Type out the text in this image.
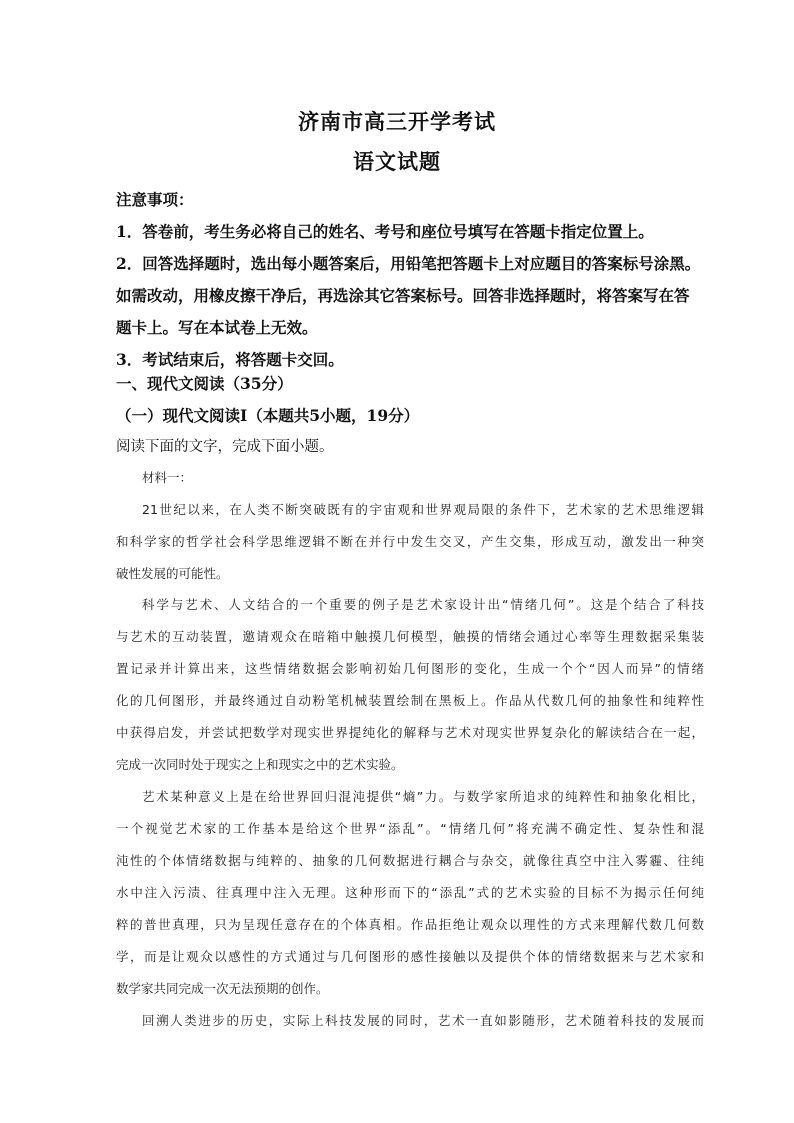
济南市高三开学考试
语文试题
注意事项：
1．答卷前，考生务必将自己的姓名、考号和座位号填写在答题卡指定位置上。
2．回答选择题时，选出每小题答案后，用铅笔把答题卡上对应题目的答案标号涂黑。
如需改动，用橡皮擦干净后，再选涂其它答案标号。回答非选择题时，将答案写在答
题卡上。写在本试卷上无效。
3．考试结束后，将答题卡交回。
一、现代文阅读（35分）
（一）现代文阅读Ⅰ（本题共5小题，19分）
阅读下面的文字，完成下面小题。
材料一：
21世纪以来，在人类不断突破既有的宇宙观和世界观局限的条件下，艺术家的艺术思维逻辑
和科学家的哲学社会科学思维逻辑不断在并行中发生交叉，产生交集，形成互动，激发出一种突
破性发展的可能性。
科学与艺术、人文结合的一个重要的例子是艺术家设计出“情绪几何”。这是个结合了科技
与艺术的互动装置，邀请观众在暗箱中触摸几何模型，触摸的情绪会通过心率等生理数据采集装
置记录并计算出来，这些情绪数据会影响初始几何图形的变化，生成一个个“因人而异”的情绪
化的几何图形，并最终通过自动粉笔机械装置绘制在黑板上。作品从代数几何的抽象性和纯粹性
中获得启发，并尝试把数学对现实世界提纯化的解释与艺术对现实世界复杂化的解读结合在一起，
完成一次同时处于现实之上和现实之中的艺术实验。
艺术某种意义上是在给世界回归混沌提供“熵”力。与数学家所追求的纯粹性和抽象化相比，
一个视觉艺术家的工作基本是给这个世界“添乱”。“情绪几何”将充满不确定性、复杂性和混
沌性的个体情绪数据与纯粹的、抽象的几何数据进行耦合与杂交，就像往真空中注入雾霾、往纯
水中注入污渍、往真理中注入无理。这种形而下的“添乱”式的艺术实验的目标不为揭示任何纯
粹的普世真理，只为呈现任意存在的个体真相。作品拒绝让观众以理性的方式来理解代数几何数
学，而是让观众以感性的方式通过与几何图形的感性接触以及提供个体的情绪数据来与艺术家和
数学家共同完成一次无法预期的创作。
回溯人类进步的历史，实际上科技发展的同时，艺术一直如影随形，艺术随着科技的发展而
